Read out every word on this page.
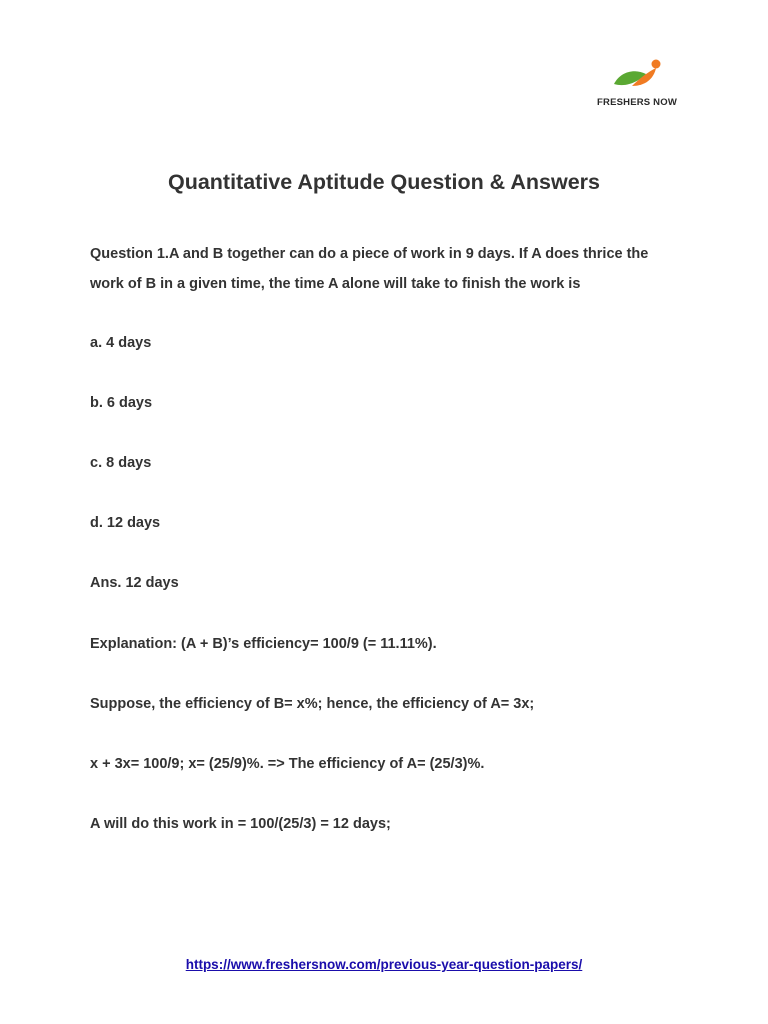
FRESHERS NOW
Quantitative Aptitude Question & Answers
Question 1.A and B together can do a piece of work in 9 days. If A does thrice the
work of B in a given time, the time A alone will take to finish the work is
a. 4 days
b. 6 days
c. 8 days
d. 12 days
Ans. 12 days
Explanation: (A + B)’s efficiency= 100/9 (= 11.11%).
Suppose, the efficiency of B= x%; hence, the efficiency of A= 3x;
x + 3x= 100/9; x= (25/9)%. => The efficiency of A= (25/3)%.
A will do this work in = 100/(25/3) = 12 days;
https://www.freshersnow.com/previous-year-question-papers/
